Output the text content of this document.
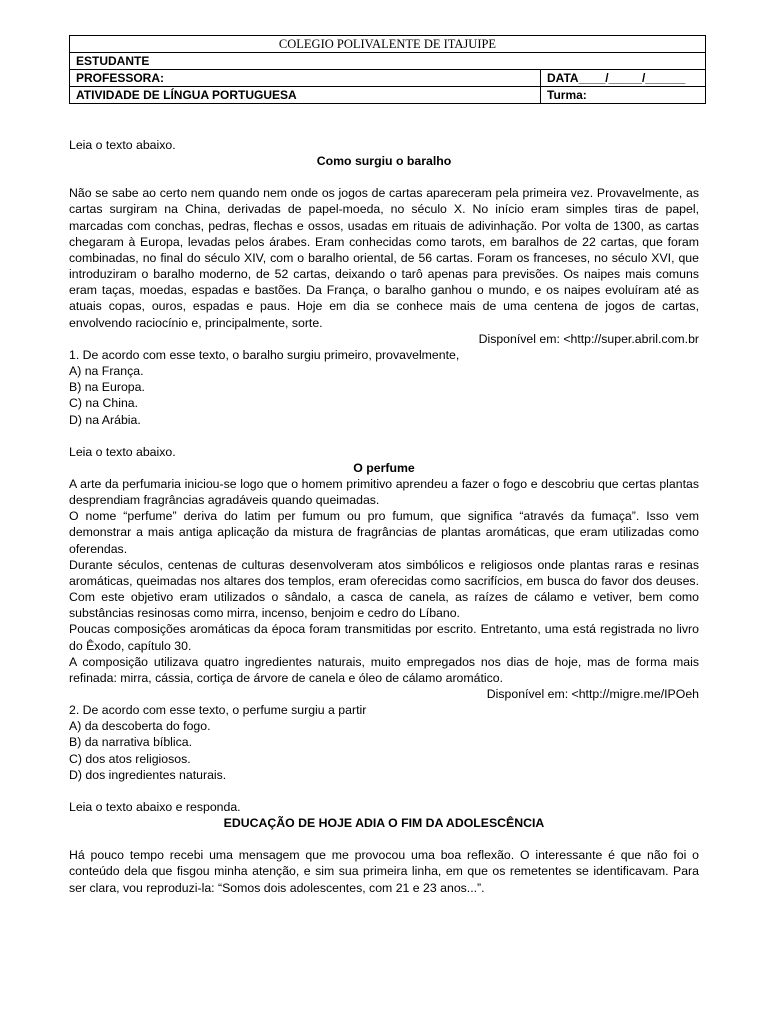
COLEGIO POLIVALENTE DE ITAJUIPE	
ESTUDANTE	
PROFESSORA:	DATA____/_____/______
ATIVIDADE DE LÍNGUA PORTUGUESA	Turma:

Leia o texto abaixo.

Como surgiu o baralho

Não se sabe ao certo nem quando nem onde os jogos de cartas apareceram pela primeira vez. Provavelmente, as cartas surgiram na China, derivadas de papel-moeda, no século X. No início eram simples tiras de papel, marcadas com conchas, pedras, flechas e ossos, usadas em rituais de adivinhação. Por volta de 1300, as cartas chegaram à Europa, levadas pelos árabes. Eram conhecidas como tarots, em baralhos de 22 cartas, que foram combinadas, no final do século XIV, com o baralho oriental, de 56 cartas. Foram os franceses, no século XVI, que introduziram o baralho moderno, de 52 cartas, deixando o tarô apenas para previsões. Os naipes mais comuns eram taças, moedas, espadas e bastões. Da França, o baralho ganhou o mundo, e os naipes evoluíram até as atuais copas, ouros, espadas e paus. Hoje em dia se conhece mais de uma centena de jogos de cartas, envolvendo raciocínio e, principalmente, sorte.

Disponível em: <http://super.abril.com.br

1. De acordo com esse texto, o baralho surgiu primeiro, provavelmente,

A) na França.

B) na Europa.

C) na China.

D) na Arábia.

Leia o texto abaixo.

O perfume

A arte da perfumaria iniciou-se logo que o homem primitivo aprendeu a fazer o fogo e descobriu que certas plantas desprendiam fragrâncias agradáveis quando queimadas.

O nome “perfume” deriva do latim per fumum ou pro fumum, que significa “através da fumaça”. Isso vem demonstrar a mais antiga aplicação da mistura de fragrâncias de plantas aromáticas, que eram utilizadas como oferendas.

Durante séculos, centenas de culturas desenvolveram atos simbólicos e religiosos onde plantas raras e resinas aromáticas, queimadas nos altares dos templos, eram oferecidas como sacrifícios, em busca do favor dos deuses. Com este objetivo eram utilizados o sândalo, a casca de canela, as raízes de cálamo e vetiver, bem como substâncias resinosas como mirra, incenso, benjoim e cedro do Líbano.

Poucas composições aromáticas da época foram transmitidas por escrito. Entretanto, uma está registrada no livro do Êxodo, capítulo 30.

A composição utilizava quatro ingredientes naturais, muito empregados nos dias de hoje, mas de forma mais refinada: mirra, cássia, cortiça de árvore de canela e óleo de cálamo aromático.

Disponível em: <http://migre.me/IPOeh

2. De acordo com esse texto, o perfume surgiu a partir

A) da descoberta do fogo.

B) da narrativa bíblica.

C) dos atos religiosos.

D) dos ingredientes naturais.

Leia o texto abaixo e responda.

EDUCAÇÃO DE HOJE ADIA O FIM DA ADOLESCÊNCIA

Há pouco tempo recebi uma mensagem que me provocou uma boa reflexão. O interessante é que não foi o conteúdo dela que fisgou minha atenção, e sim sua primeira linha, em que os remetentes se identificavam. Para ser clara, vou reproduzi-la: “Somos dois adolescentes, com 21 e 23 anos...”.
